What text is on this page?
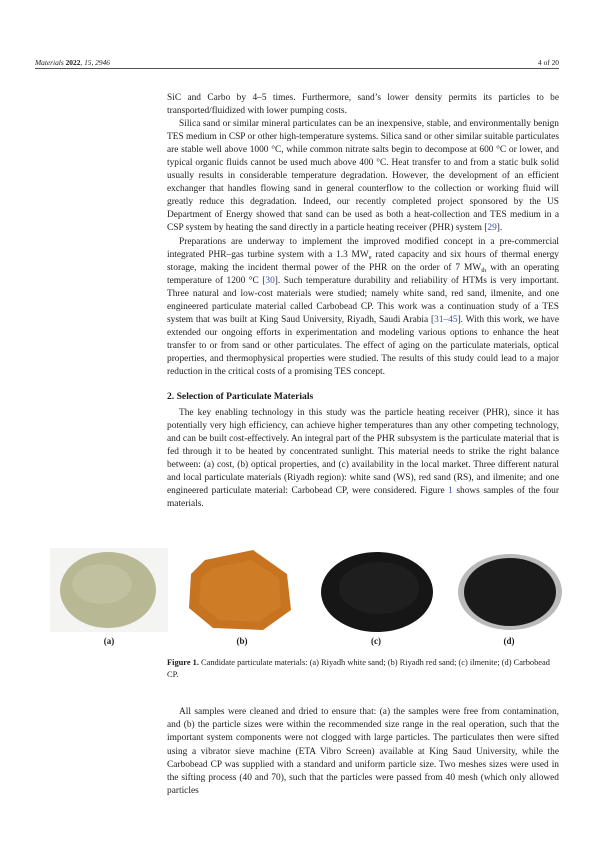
Materials 2022, 15, 2946	4 of 20

SiC and Carbo by 4–5 times. Furthermore, sand’s lower density permits its particles to be transported/fluidized with lower pumping costs.

Silica sand or similar mineral particulates can be an inexpensive, stable, and environmentally benign TES medium in CSP or other high-temperature systems. Silica sand or other similar suitable particulates are stable well above 1000 °C, while common nitrate salts begin to decompose at 600 °C or lower, and typical organic fluids cannot be used much above 400 °C. Heat transfer to and from a static bulk solid usually results in considerable temperature degradation. However, the development of an efficient exchanger that handles flowing sand in general counterflow to the collection or working fluid will greatly reduce this degradation. Indeed, our recently completed project sponsored by the US Department of Energy showed that sand can be used as both a heat-collection and TES medium in a CSP system by heating the sand directly in a particle heating receiver (PHR) system [29].

Preparations are underway to implement the improved modified concept in a pre-commercial integrated PHR–gas turbine system with a 1.3 $MW_e$ rated capacity and six hours of thermal energy storage, making the incident thermal power of the PHR on the order of 7 $MW_{th}$ with an operating temperature of 1200 °C [30]. Such temperature durability and reliability of HTMs is very important. Three natural and low-cost materials were studied; namely white sand, red sand, ilmenite, and one engineered particulate material called Carbobead CP. This work was a continuation study of a TES system that was built at King Saud University, Riyadh, Saudi Arabia [31–45]. With this work, we have extended our ongoing efforts in experimentation and modeling various options to enhance the heat transfer to or from sand or other particulates. The effect of aging on the particulate materials, optical properties, and thermophysical properties were studied. The results of this study could lead to a major reduction in the critical costs of a promising TES concept.

2. Selection of Particulate Materials

The key enabling technology in this study was the particle heating receiver (PHR), since it has potentially very high efficiency, can achieve higher temperatures than any other competing technology, and can be built cost-effectively. An integral part of the PHR subsystem is the particulate material that is fed through it to be heated by concentrated sunlight. This material needs to strike the right balance between: (a) cost, (b) optical properties, and (c) availability in the local market. Three different natural and local particulate materials (Riyadh region): white sand (WS), red sand (RS), and ilmenite; and one engineered particulate material: Carbobead CP, were considered. Figure 1 shows samples of the four materials.

(a)	(b)	(c)	(d)
Figure 1. Candidate particulate materials: (a) Riyadh white sand; (b) Riyadh red sand; (c) ilmenite; (d) Carbobead CP.

All samples were cleaned and dried to ensure that: (a) the samples were free from contamination, and (b) the particle sizes were within the recommended size range in the real operation, such that the important system components were not clogged with large particles. The particulates then were sifted using a vibrator sieve machine (ETA Vibro Screen) available at King Saud University, while the Carbobead CP was supplied with a standard and uniform particle size. Two meshes sizes were used in the sifting process (40 and 70), such that the particles were passed from 40 mesh (which only allowed particles
